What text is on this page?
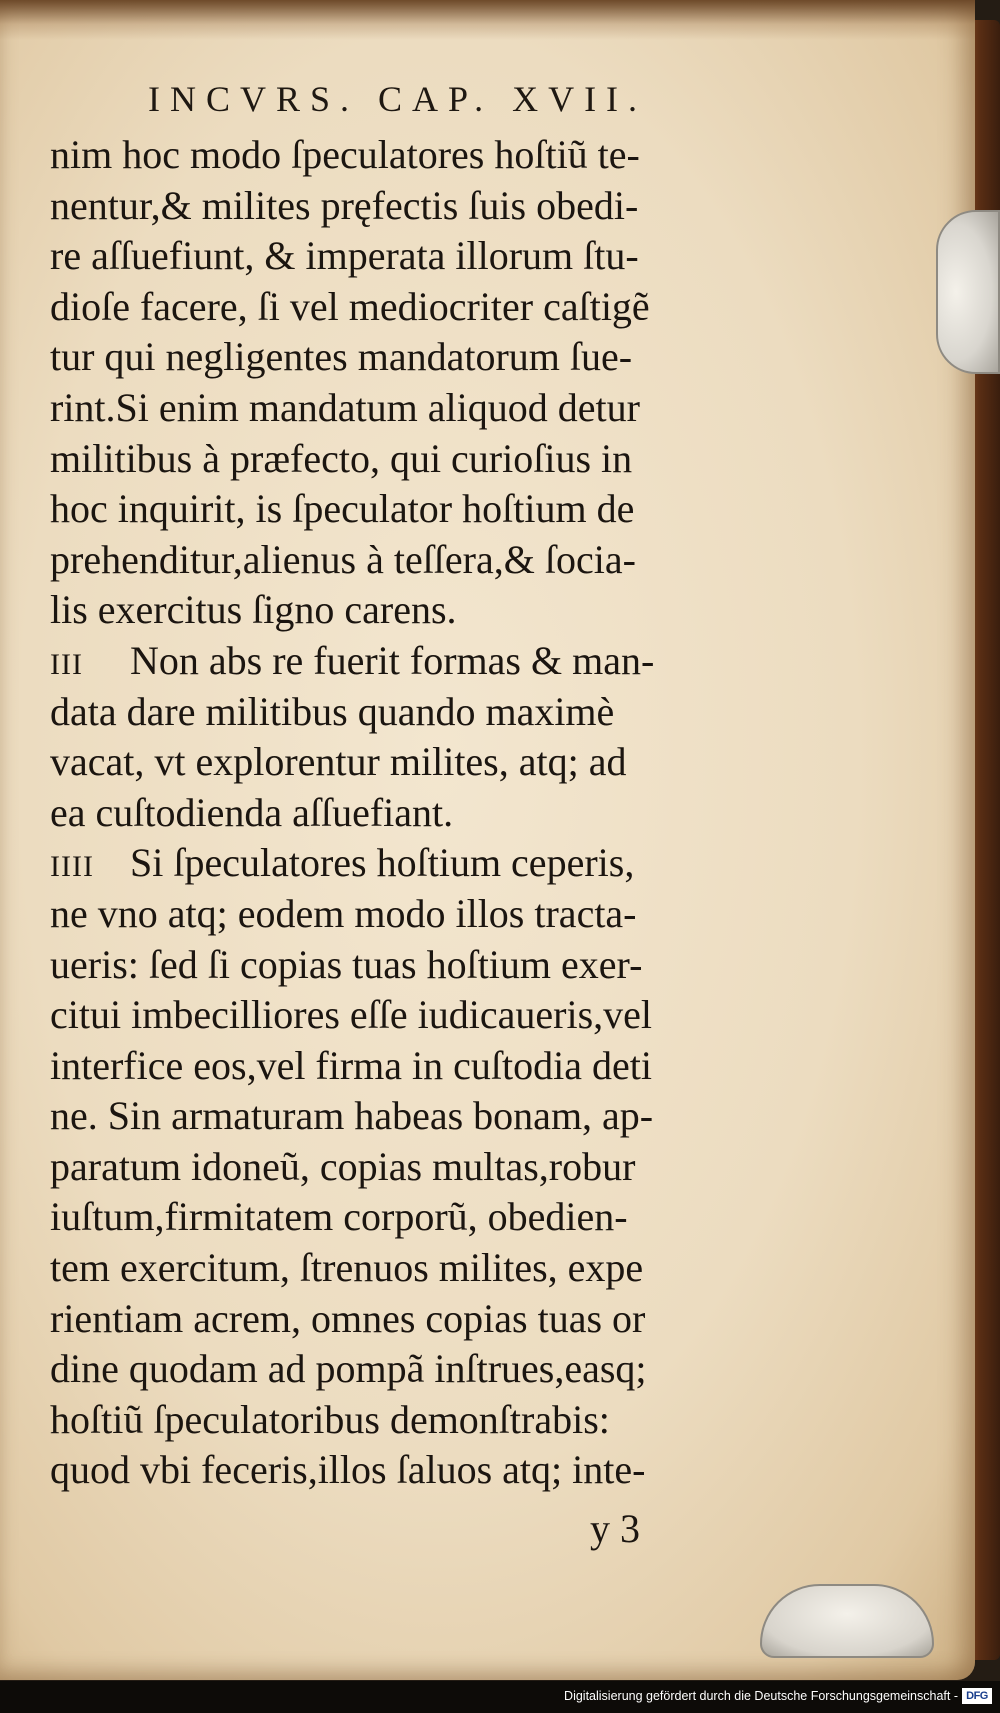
INCVRS. CAP. XVII.
nim hoc modo ſpeculatores hoſtiũ te-
nentur,& milites pręfectis ſuis obedi-
re aſſuefiunt, & imperata illorum ſtu-
dioſe facere, ſi vel mediocriter caſtigẽ
tur qui negligentes mandatorum ſue-
rint.Si enim mandatum aliquod detur
militibus à præfecto, qui curioſius in
hoc inquirit, is ſpeculator hoſtium de
prehenditur,alienus à teſſera,& ſocia-
lis exercitus ſigno carens.
III Non abs re fuerit formas & man-
data dare militibus quando maximè
vacat, vt explorentur milites, atq; ad
ea cuſtodienda aſſuefiant.
IIII Si ſpeculatores hoſtium ceperis,
ne vno atq; eodem modo illos tracta-
ueris: ſed ſi copias tuas hoſtium exer-
citui imbecilliores eſſe iudicaueris,vel
interfice eos,vel firma in cuſtodia deti
ne. Sin armaturam habeas bonam, ap-
paratum idoneũ, copias multas,robur
iuſtum,firmitatem corporũ, obedien-
tem exercitum, ſtrenuos milites, expe
rientiam acrem, omnes copias tuas or
dine quodam ad pompã inſtrues,easq;
hoſtiũ ſpeculatoribus demonſtrabis:
quod vbi feceris,illos ſaluos atq; inte-
y 3
Digitalisierung gefördert durch die Deutsche Forschungsgemeinschaft - DFG
